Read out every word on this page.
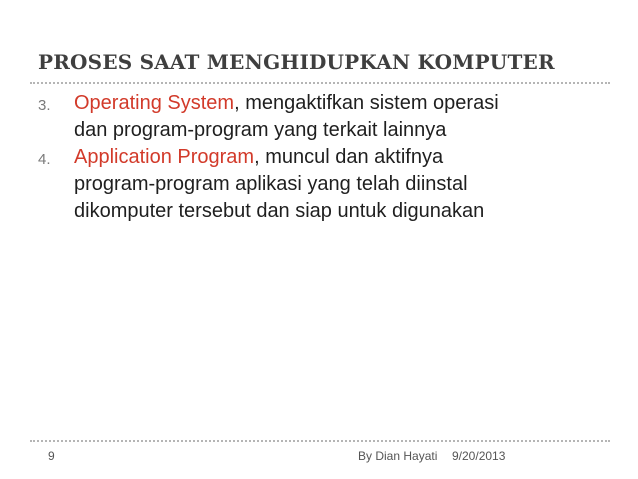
PROSES SAAT MENGHIDUPKAN KOMPUTER
3. Operating System, mengaktifkan sistem operasi
dan program-program yang terkait lainnya
4. Application Program, muncul dan aktifnya
program-program aplikasi yang telah diinstal
dikomputer tersebut dan siap untuk digunakan
9	By Dian Hayati 9/20/2013
